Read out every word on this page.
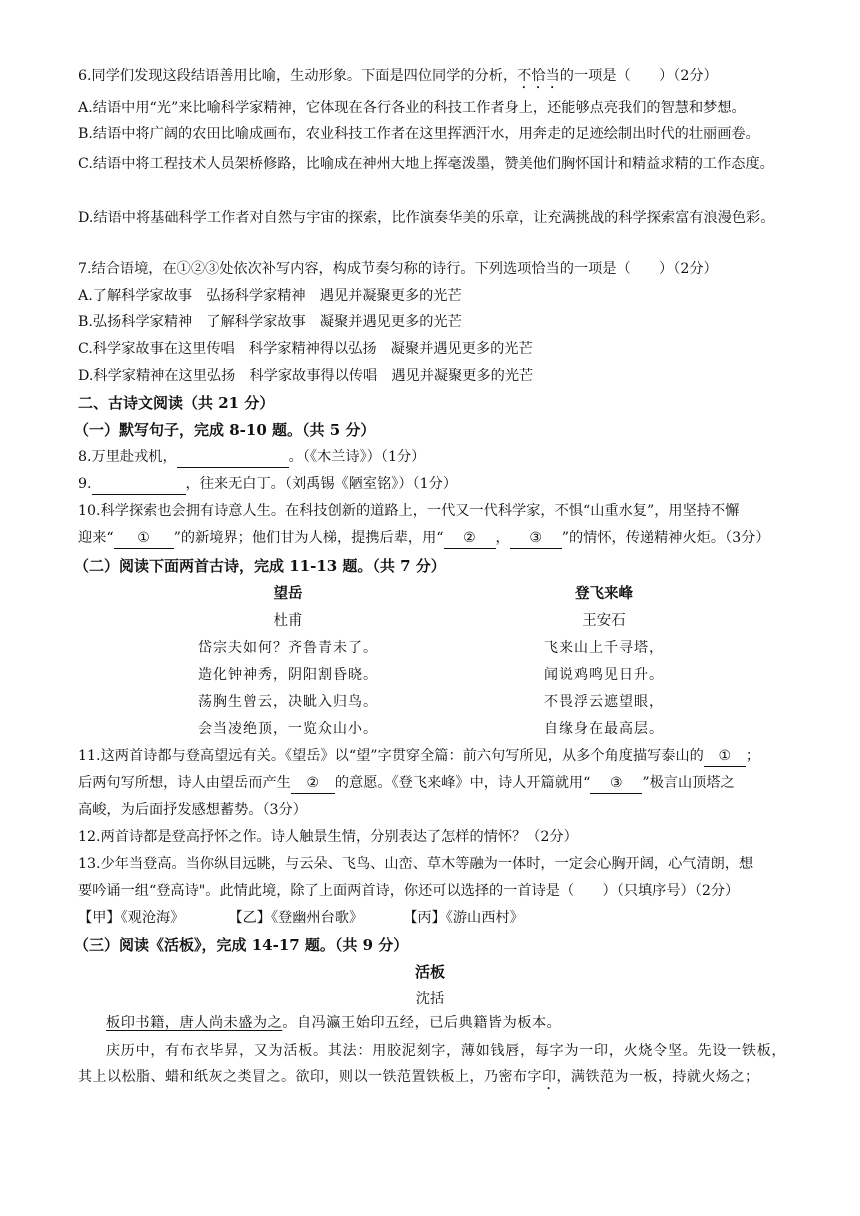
6.同学们发现这段结语善用比喻，生动形象。下面是四位同学的分析，不恰当的一项是（　　）（2分）
A.结语中用“光”来比喻科学家精神，它体现在各行各业的科技工作者身上，还能够点亮我们的智慧和梦想。
B.结语中将广阔的农田比喻成画布，农业科技工作者在这里挥洒汗水，用奔走的足迹绘制出时代的壮丽画卷。
C.结语中将工程技术人员架桥修路，比喻成在神州大地上挥毫泼墨，赞美他们胸怀国计和精益求精的工作态度。
D.结语中将基础科学工作者对自然与宇宙的探索，比作演奏华美的乐章，让充满挑战的科学探索富有浪漫色彩。
7.结合语境，在①②③处依次补写内容，构成节奏匀称的诗行。下列选项恰当的一项是（　　）（2分）
A.了解科学家故事　弘扬科学家精神　遇见并凝聚更多的光芒
B.弘扬科学家精神　了解科学家故事　凝聚并遇见更多的光芒
C.科学家故事在这里传唱　科学家精神得以弘扬　凝聚并遇见更多的光芒
D.科学家精神在这里弘扬　科学家故事得以传唱　遇见并凝聚更多的光芒
二、古诗文阅读（共 21 分）
（一）默写句子，完成 8-10 题。（共 5 分）
8.万里赴戎机，	。（《木兰诗》）（1分）
9.	，往来无白丁。（刘禹锡《陋室铭》）（1分）
10.科学探索也会拥有诗意人生。在科技创新的道路上，一代又一代科学家，不惧“山重水复”，用坚持不懈
迎来“ ① ”的新境界；他们甘为人梯，提携后辈，用“ ② ， ③ ”的情怀，传递精神火炬。（3分）
（二）阅读下面两首古诗，完成 11-13 题。（共 7 分）
望岳
杜甫
岱宗夫如何？齐鲁青未了。
造化钟神秀，阴阳割昏晓。
荡胸生曾云，决眦入归鸟。
会当凌绝顶，一览众山小。
登飞来峰
王安石
飞来山上千寻塔，
闻说鸡鸣见日升。
不畏浮云遮望眼，
自缘身在最高层。
11.这两首诗都与登高望远有关。《望岳》以“望”字贯穿全篇：前六句写所见，从多个角度描写泰山的 ① ；
后两句写所想，诗人由望岳而产生 ② 的意愿。《登飞来峰》中，诗人开篇就用“ ③ ”极言山顶塔之
高峻，为后面抒发感想蓄势。（3分）
12.两首诗都是登高抒怀之作。诗人触景生情，分别表达了怎样的情怀？（2分）
13.少年当登高。当你纵目远眺，与云朵、飞鸟、山峦、草木等融为一体时，一定会心胸开阔，心气清朗，想
要吟诵一组“登高诗"。此情此境，除了上面两首诗，你还可以选择的一首诗是（　　）（只填序号）（2分）
【甲】《观沧海》	【乙】《登幽州台歌》	【丙】《游山西村》
（三）阅读《活板》，完成 14-17 题。（共 9 分）
活板
沈括
板印书籍，唐人尚未盛为之。自冯瀛王始印五经，已后典籍皆为板本。
庆历中，有布衣毕昇，又为活板。其法：用胶泥刻字，薄如钱唇，每字为一印，火烧令坚。先设一铁板，其上以松脂、蜡和纸灰之类冒之。欲印，则以一铁范置铁板上，乃密布字印，满铁范为一板，持就火炀之；
